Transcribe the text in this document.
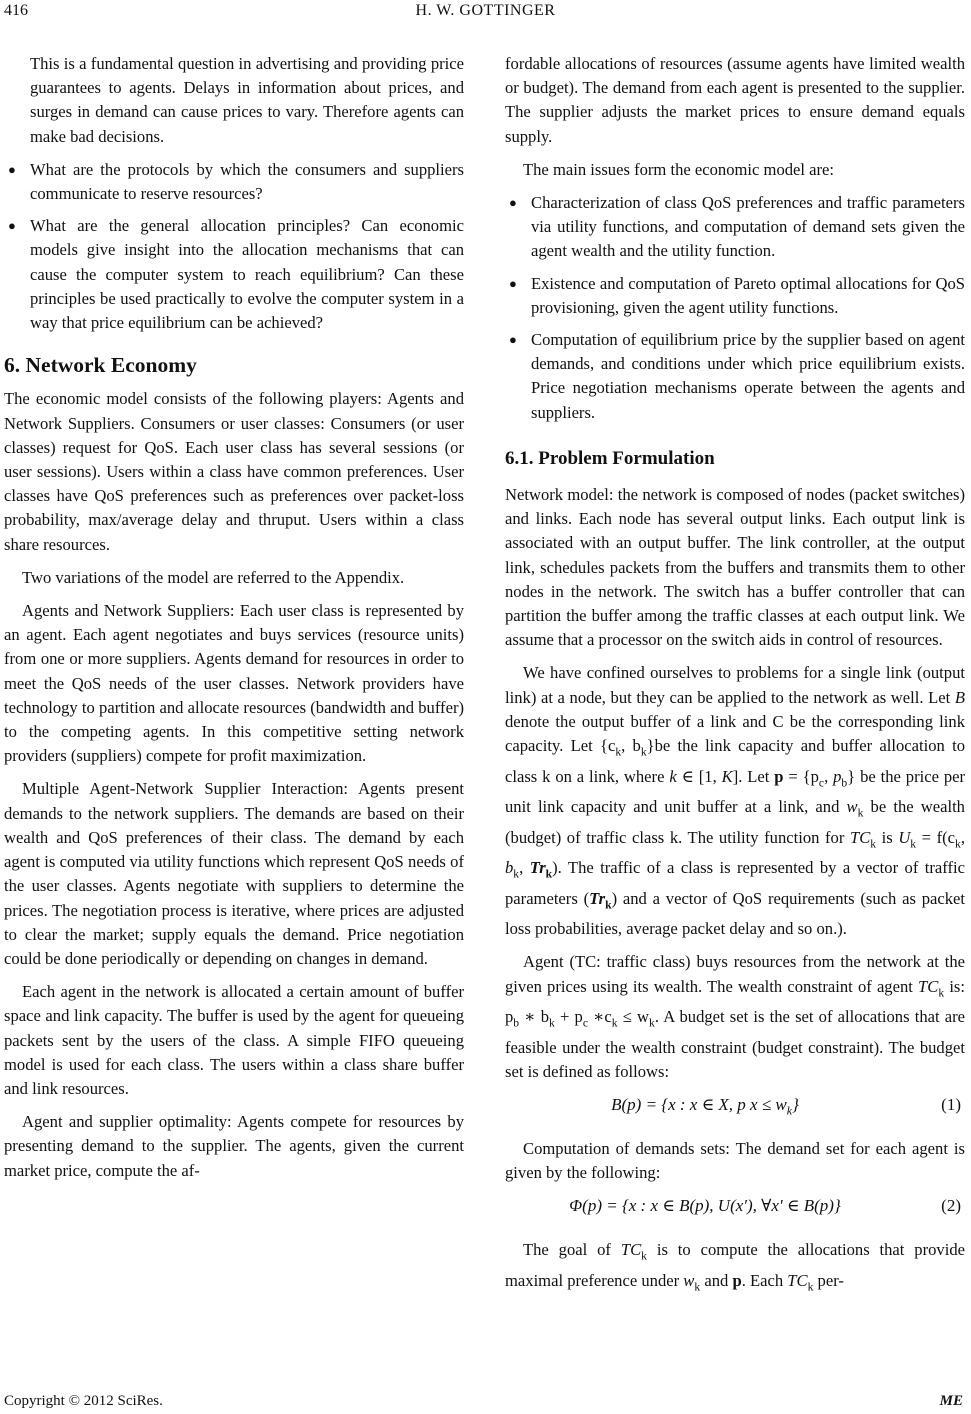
416	H. W. GOTTINGER

This is a fundamental question in advertising and providing price guarantees to agents. Delays in information about prices, and surges in demand can cause prices to vary. Therefore agents can make bad decisions.

● What are the protocols by which the consumers and suppliers communicate to reserve resources?
● What are the general allocation principles? Can economic models give insight into the allocation mechanisms that can cause the computer system to reach equilibrium? Can these principles be used practically to evolve the computer system in a way that price equilibrium can be achieved?
6. Network Economy

The economic model consists of the following players: Agents and Network Suppliers. Consumers or user classes: Consumers (or user classes) request for QoS. Each user class has several sessions (or user sessions). Users within a class have common preferences. User classes have QoS preferences such as preferences over packet-loss probability, max/average delay and thruput. Users within a class share resources.

Two variations of the model are referred to the Appendix.

Agents and Network Suppliers: Each user class is represented by an agent. Each agent negotiates and buys services (resource units) from one or more suppliers. Agents demand for resources in order to meet the QoS needs of the user classes. Network providers have technology to partition and allocate resources (bandwidth and buffer) to the competing agents. In this competitive setting network providers (suppliers) compete for profit maximization.

Multiple Agent-Network Supplier Interaction: Agents present demands to the network suppliers. The demands are based on their wealth and QoS preferences of their class. The demand by each agent is computed via utility functions which represent QoS needs of the user classes. Agents negotiate with suppliers to determine the prices. The negotiation process is iterative, where prices are adjusted to clear the market; supply equals the demand. Price negotiation could be done periodically or depending on changes in demand.

Each agent in the network is allocated a certain amount of buffer space and link capacity. The buffer is used by the agent for queueing packets sent by the users of the class. A simple FIFO queueing model is used for each class. The users within a class share buffer and link resources.

Agent and supplier optimality: Agents compete for resources by presenting demand to the supplier. The agents, given the current market price, compute the af-

fordable allocations of resources (assume agents have limited wealth or budget). The demand from each agent is presented to the supplier. The supplier adjusts the market prices to ensure demand equals supply.

The main issues form the economic model are:

● Characterization of class QoS preferences and traffic parameters via utility functions, and computation of demand sets given the agent wealth and the utility function.
● Existence and computation of Pareto optimal allocations for QoS provisioning, given the agent utility functions.
● Computation of equilibrium price by the supplier based on agent demands, and conditions under which price equilibrium exists. Price negotiation mechanisms operate between the agents and suppliers.
6.1. Problem Formulation

Network model: the network is composed of nodes (packet switches) and links. Each node has several output links. Each output link is associated with an output buffer. The link controller, at the output link, schedules packets from the buffers and transmits them to other nodes in the network. The switch has a buffer controller that can partition the buffer among the traffic classes at each output link. We assume that a processor on the switch aids in control of resources.

We have confined ourselves to problems for a single link (output link) at a node, but they can be applied to the network as well. Let B denote the output buffer of a link and C be the corresponding link capacity. Let {$c_k$, $b_k\}be$ the link capacity and buffer allocation to class k on a link, where k ∈ [1, K]. Let $p = \{p_c$, $p_b$} be the price per unit link capacity and unit buffer at a link, and $w_k$ be the wealth (budget) of traffic class k. The utility function for $TC_k$ is $U_k = f(c_k$, $b_k$, $Tr_k$). The traffic of a class is represented by a vector of traffic parameters $(Tr_k)$ and a vector of QoS requirements (such as packet loss probabilities, average packet delay and so on.).

Agent (TC: traffic class) buys resources from the network at the given prices using its wealth. The wealth constraint of agent $TC_k$ is: $p_b$ ∗ $b_k + p_c$ $∗c_k \le w_k$. A budget set is the set of allocations that are feasible under the wealth constraint (budget constraint). The budget set is defined as follows:

B(p) = {x : x ∈ X, p $x \le w_k$}	(1)

Computation of demands sets: The demand set for each agent is given by the following:

Φ(p) = {x : x ∈ B(p), U(x′), ∀x′ ∈ B(p)}	(2)

The goal of $TC_k$ is to compute the allocations that provide maximal preference under $w_k$ and p. Each $TC_k$ per-

Copyright © 2012 SciRes.	ME
